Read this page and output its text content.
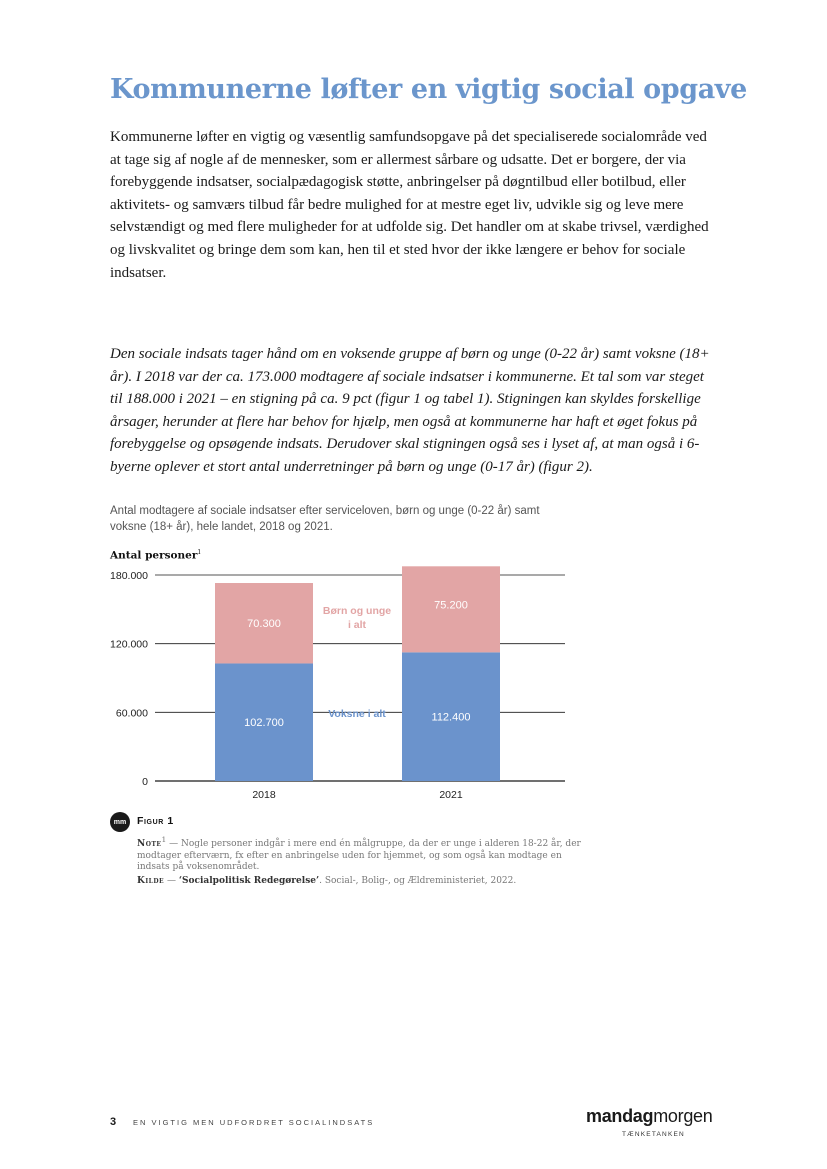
Kommunerne løfter en vigtig social opgave

Kommunerne løfter en vigtig og væsentlig samfundsopgave på det specialiserede socialområde ved at tage sig af nogle af de mennesker, som er allermest sårbare og udsatte. Det er borgere, der via forebyggende indsatser, socialpædagogisk støtte, anbringelser på døgntilbud eller botilbud, eller aktivitets- og samværs tilbud får bedre mulighed for at mestre eget liv, udvikle sig og leve mere selvstændigt og med flere muligheder for at udfolde sig. Det handler om at skabe trivsel, værdighed og livskvalitet og bringe dem som kan, hen til et sted hvor der ikke længere er behov for sociale indsatser.

Den sociale indsats tager hånd om en voksende gruppe af børn og unge (0-22 år) samt voksne (18+ år). I 2018 var der ca. 173.000 modtagere af sociale indsatser i kommunerne. Et tal som var steget til 188.000 i 2021 – en stigning på ca. 9 pct (figur 1 og tabel 1). Stigningen kan skyldes forskellige årsager, herunder at flere har behov for hjælp, men også at kommunerne har haft et øget fokus på forebyggelse og opsøgende indsats. Derudover skal stigningen også ses i lyset af, at man også i 6-byerne oplever et stort antal underretninger på børn og unge (0-17 år) (figur 2).

Antal modtagere af sociale indsatser efter serviceloven, børn og unge (0-22 år) samt voksne (18+ år), hele landet, 2018 og 2021.
Antal personer$^1$
0
60.000
120.000
180.000
102.700
70.300
2018
112.400
75.200
2021
Børn og unge
i alt
Voksne i alt
mm	Figur 1
Note$^1$ — Nogle personer indgår i mere end én målgruppe, da der er unge i alderen 18-22 år, der modtager efterværn, fx efter en anbringelse uden for hjemmet, og som også kan modtage en indsats på voksenområdet.
Kilde — ‘Socialpolitisk Redegørelse’. Social-, Bolig-, og Ældreministeriet, 2022.
3 EN VIGTIG MEN UDFORDRET SOCIALINDSATS	mandagmorgen
TÆNKETANKEN
